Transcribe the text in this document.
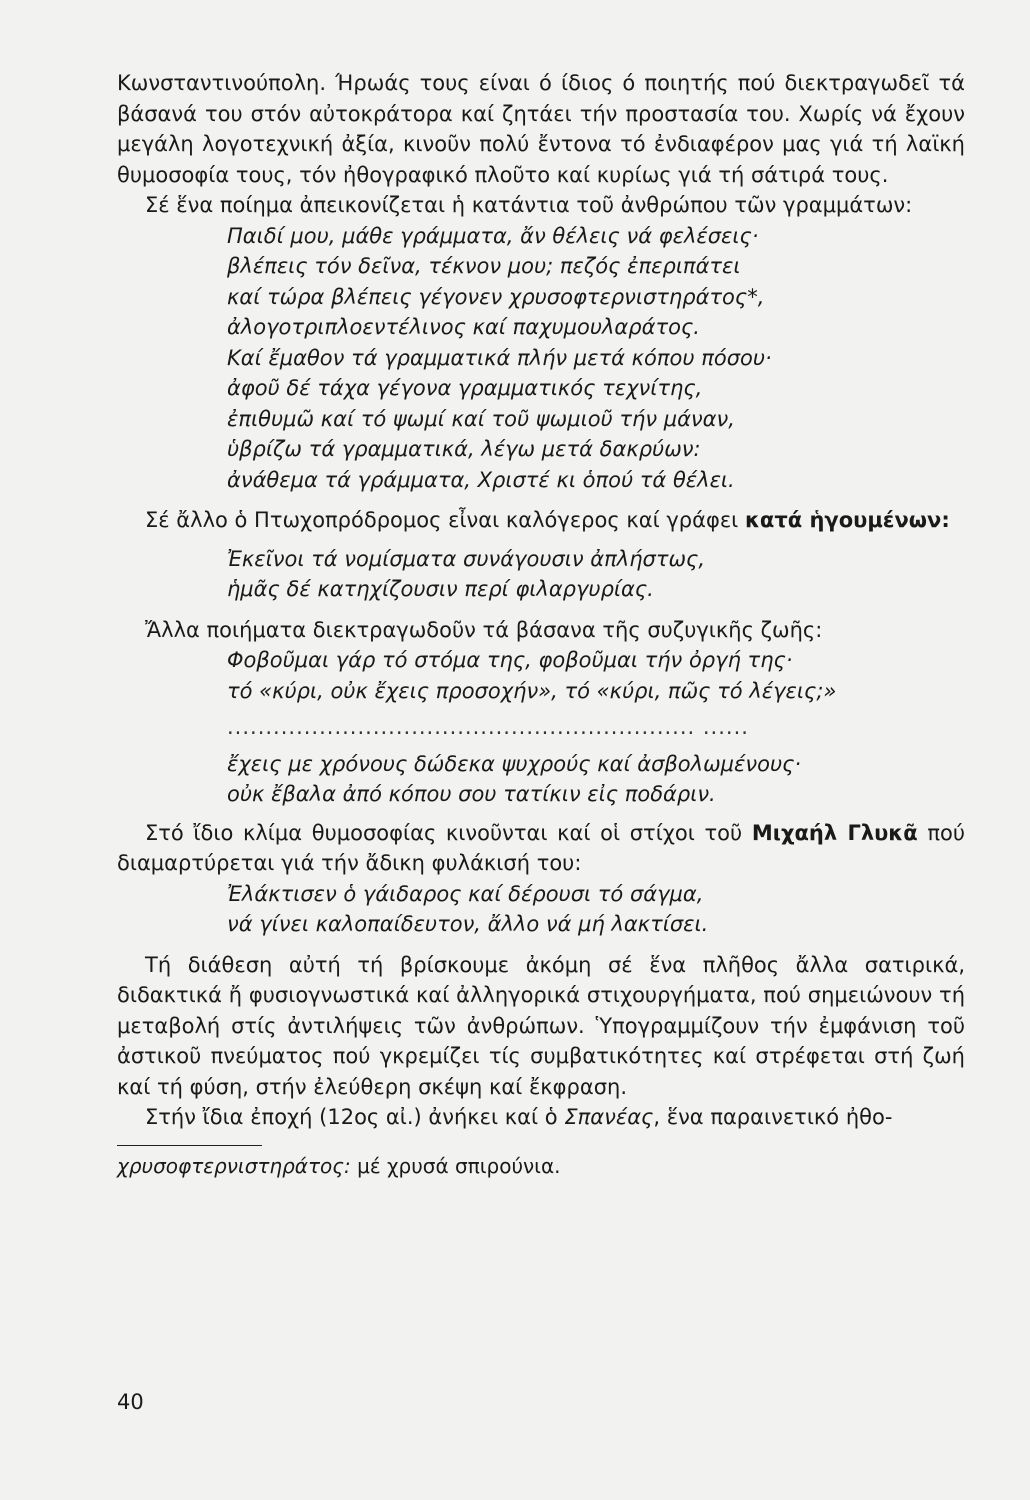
Κωνσταντινούπολη. Ήρωάς τους είναι ό ίδιος ό ποιητής πού διεκτραγωδεῖ τά βάσανά του στόν αὐτοκράτορα καί ζητάει τήν προστασία του. Χωρίς νά ἔχουν μεγάλη λογοτεχνική ἀξία, κινοῦν πολύ ἔντονα τό ἐνδιαφέρον μας γιά τή λαϊκή θυμοσοφία τους, τόν ἠθογραφικό πλοῦτο καί κυρίως γιά τή σάτιρά τους.

Σέ ἕνα ποίημα ἀπεικονίζεται ἡ κατάντια τοῦ ἀνθρώπου τῶν γραμμάτων:

Παιδί μου, μάθε γράμματα, ἄν θέλεις νά φελέσεις·
βλέπεις τόν δεῖνα, τέκνον μου; πεζός ἐπεριπάτει
καί τώρα βλέπεις γέγονεν χρυσοφτερνιστηράτος*,
ἀλογοτριπλοεντέλινος καί παχυμουλαράτος.
Καί ἔμαθον τά γραμματικά πλήν μετά κόπου πόσου·
ἀφοῦ δέ τάχα γέγονα γραμματικός τεχνίτης,
ἐπιθυμῶ καί τό ψωμί καί τοῦ ψωμιοῦ τήν μάναν,
ὑβρίζω τά γραμματικά, λέγω μετά δακρύων:
ἀνάθεμα τά γράμματα, Χριστέ κι ὁπού τά θέλει.

Σέ ἄλλο ὁ Πτωχοπρόδρομος εἶναι καλόγερος καί γράφει κατά ἡγουμένων:

Ἐκεῖνοι τά νομίσματα συνάγουσιν ἀπλήστως,
ἡμᾶς δέ κατηχίζουσιν περί φιλαργυρίας.

Ἄλλα ποιήματα διεκτραγωδοῦν τά βάσανα τῆς συζυγικῆς ζωῆς:

Φοβοῦμαι γάρ τό στόμα της, φοβοῦμαι τήν ὀργή της·
τό «κύρι, οὐκ ἔχεις προσοχήν», τό «κύρι, πῶς τό λέγεις;»
............................................................. ......
ἔχεις με χρόνους δώδεκα ψυχρούς καί ἀσβολωμένους·
οὐκ ἔβαλα ἀπό κόπου σου τατίκιν εἰς ποδάριν.

Στό ἴδιο κλίμα θυμοσοφίας κινοῦνται καί οἱ στίχοι τοῦ Μιχαήλ Γλυκᾶ πού διαμαρτύρεται γιά τήν ἄδικη φυλάκισή του:

Ἐλάκτισεν ὁ γάιδαρος καί δέρουσι τό σάγμα,
νά γίνει καλοπαίδευτον, ἄλλο νά μή λακτίσει.

Τή διάθεση αὐτή τή βρίσκουμε ἀκόμη σέ ἕνα πλῆθος ἄλλα σατιρικά, διδακτικά ἤ φυσιογνωστικά καί ἀλληγορικά στιχουργήματα, πού σημειώνουν τή μεταβολή στίς ἀντιλήψεις τῶν ἀνθρώπων. Ὑπογραμμίζουν τήν ἐμφάνιση τοῦ ἀστικοῦ πνεύματος πού γκρεμίζει τίς συμβατικότητες καί στρέφεται στή ζωή καί τή φύση, στήν ἐλεύθερη σκέψη καί ἔκφραση.

Στήν ἴδια ἐποχή (12ος αἰ.) ἀνήκει καί ὁ Σπανέας, ἕνα παραινετικό ἠθο-

χρυσοφτερνιστηράτος: μέ χρυσά σπιρούνια.

40
